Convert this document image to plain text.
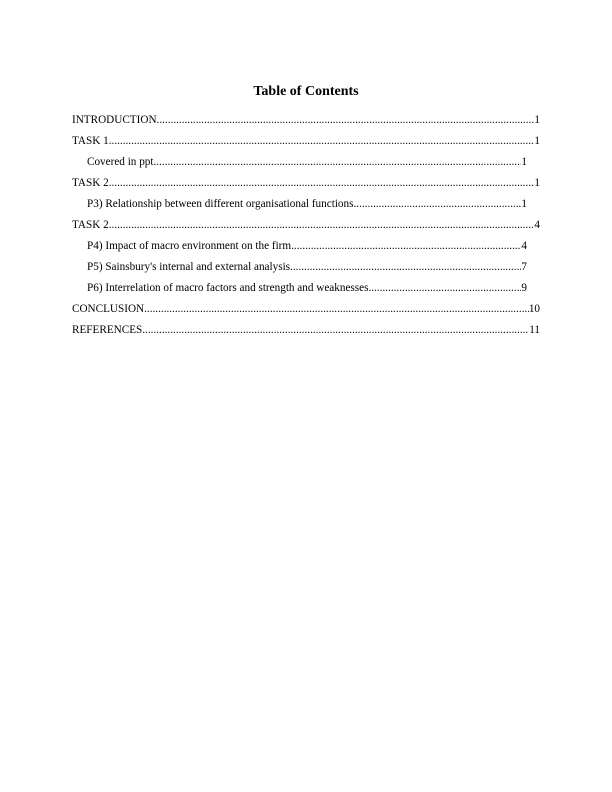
Table of Contents
INTRODUCTION .....	1
TASK 1 .....	1
Covered in ppt .....	1
TASK 2 .....	1
P3) Relationship between different organisational functions .....	1
TASK 2 .....	4
P4) Impact of macro environment on the firm .....	4
P5) Sainsbury's internal and external analysis .....	7
P6) Interrelation of macro factors and strength and weaknesses .....	9
CONCLUSION .....	10
REFERENCES .....	11
